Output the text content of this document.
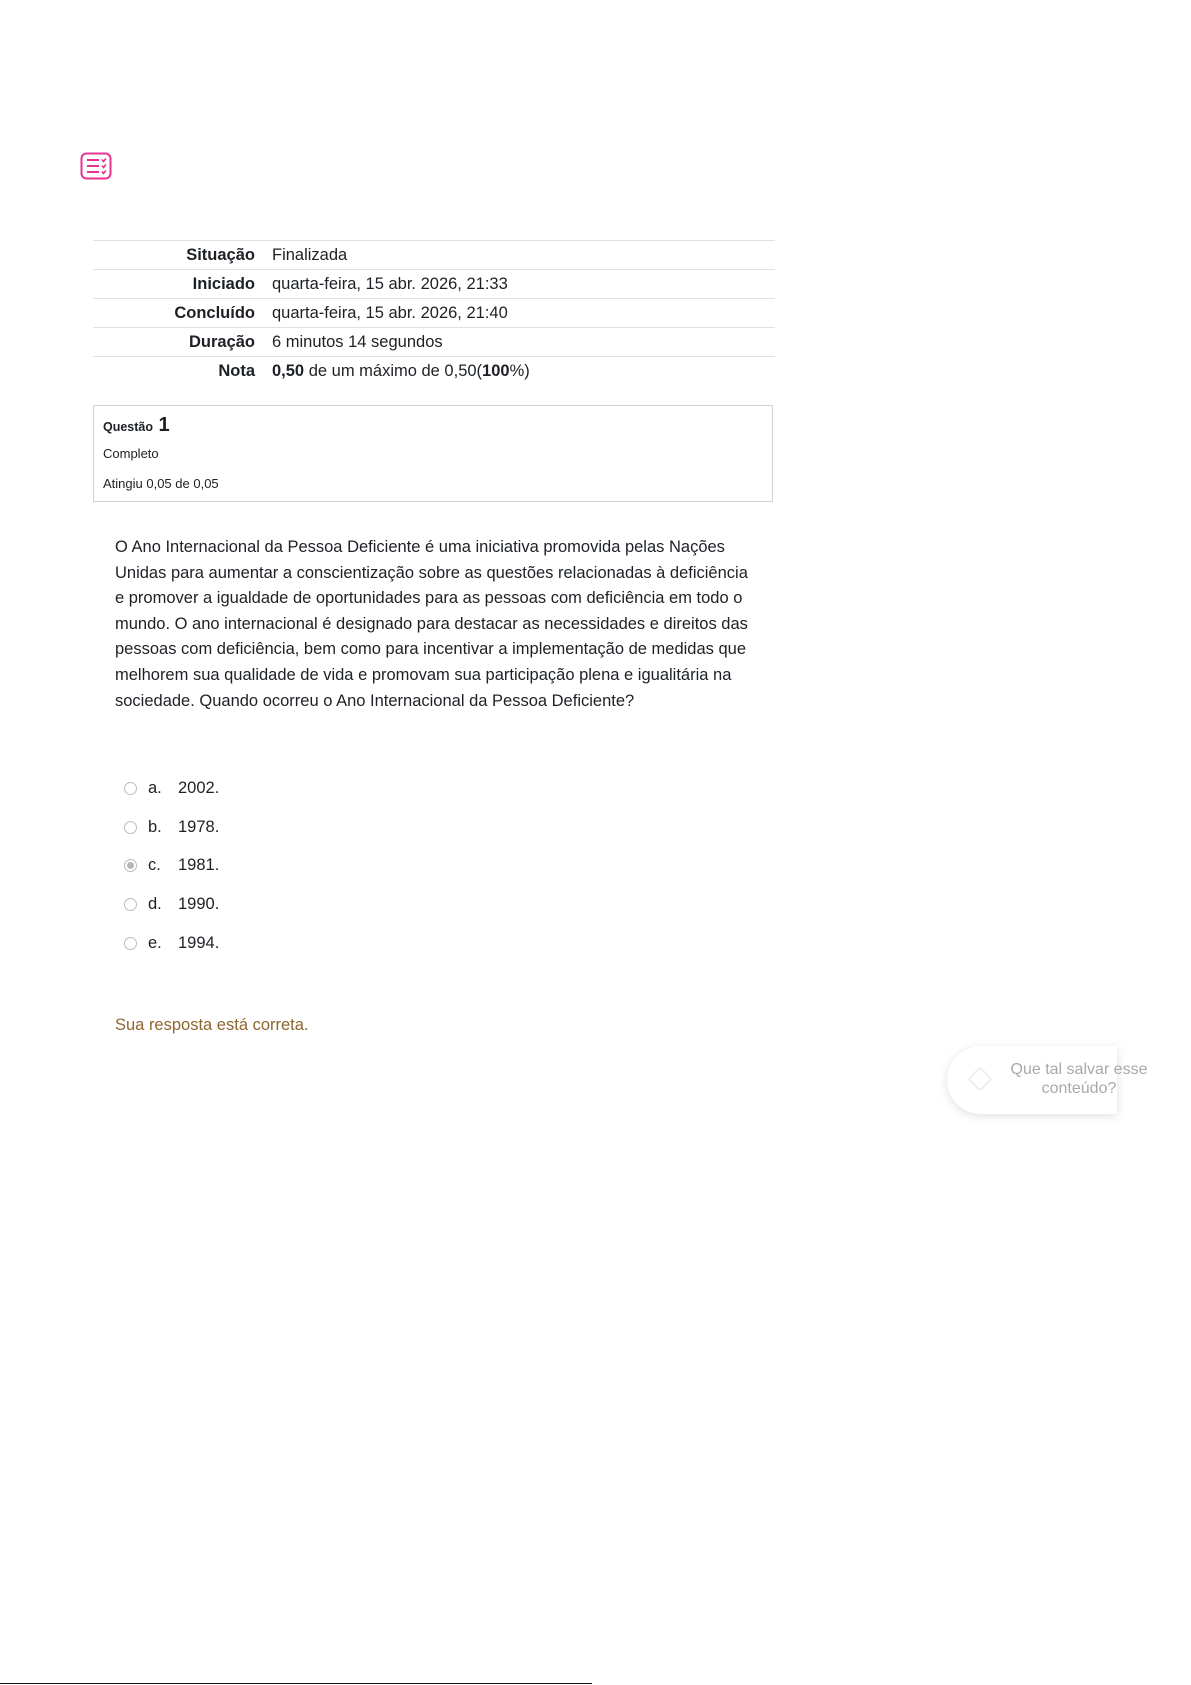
Situação	Finalizada
Iniciado	quarta-feira, 15 abr. 2026, 21:33
Concluído	quarta-feira, 15 abr. 2026, 21:40
Duração	6 minutos 14 segundos
Nota	0,50 de um máximo de 0,50(100%)
Questão 1
Completo
Atingiu 0,05 de 0,05

O Ano Internacional da Pessoa Deficiente é uma iniciativa promovida pelas Nações Unidas para aumentar a conscientização sobre as questões relacionadas à deficiência e promover a igualdade de oportunidades para as pessoas com deficiência em todo o mundo. O ano internacional é designado para destacar as necessidades e direitos das pessoas com deficiência, bem como para incentivar a implementação de medidas que melhorem sua qualidade de vida e promovam sua participação plena e igualitária na sociedade. Quando ocorreu o Ano Internacional da Pessoa Deficiente?

a. 2002.
b. 1978.
c.	1981.
d. 1990.
e. 1994.
Sua resposta está correta.
Que tal salvar esse conteúdo?
